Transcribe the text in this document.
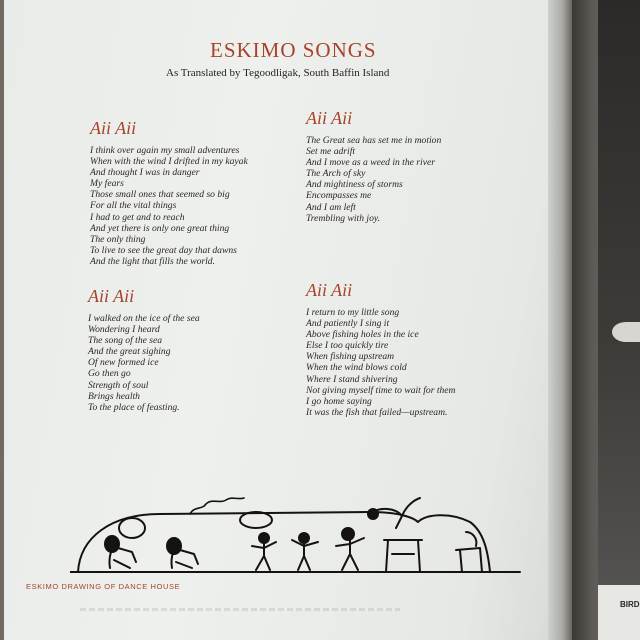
BIRD
ESKIMO SONGS
As Translated by Tegoodligak, South Baffin Island
Aii Aii
I think over again my small adventures
When with the wind I drifted in my kayak
And thought I was in danger
My fears
Those small ones that seemed so big
For all the vital things
I had to get and to reach
And yet there is only one great thing
The only thing
To live to see the great day that dawns
And the light that fills the world.
Aii Aii
The Great sea has set me in motion
Set me adrift
And I move as a weed in the river
The Arch of sky
And mightiness of storms
Encompasses me
And I am left
Trembling with joy.
Aii Aii
I walked on the ice of the sea
Wondering I heard
The song of the sea
And the great sighing
Of new formed ice
Go then go
Strength of soul
Brings health
To the place of feasting.
Aii Aii
I return to my little song
And patiently I sing it
Above fishing holes in the ice
Else I too quickly tire
When fishing upstream
When the wind blows cold
Where I stand shivering
Not giving myself time to wait for them
I go home saying
It was the fish that failed—upstream.
ESKIMO DRAWING OF DANCE HOUSE
